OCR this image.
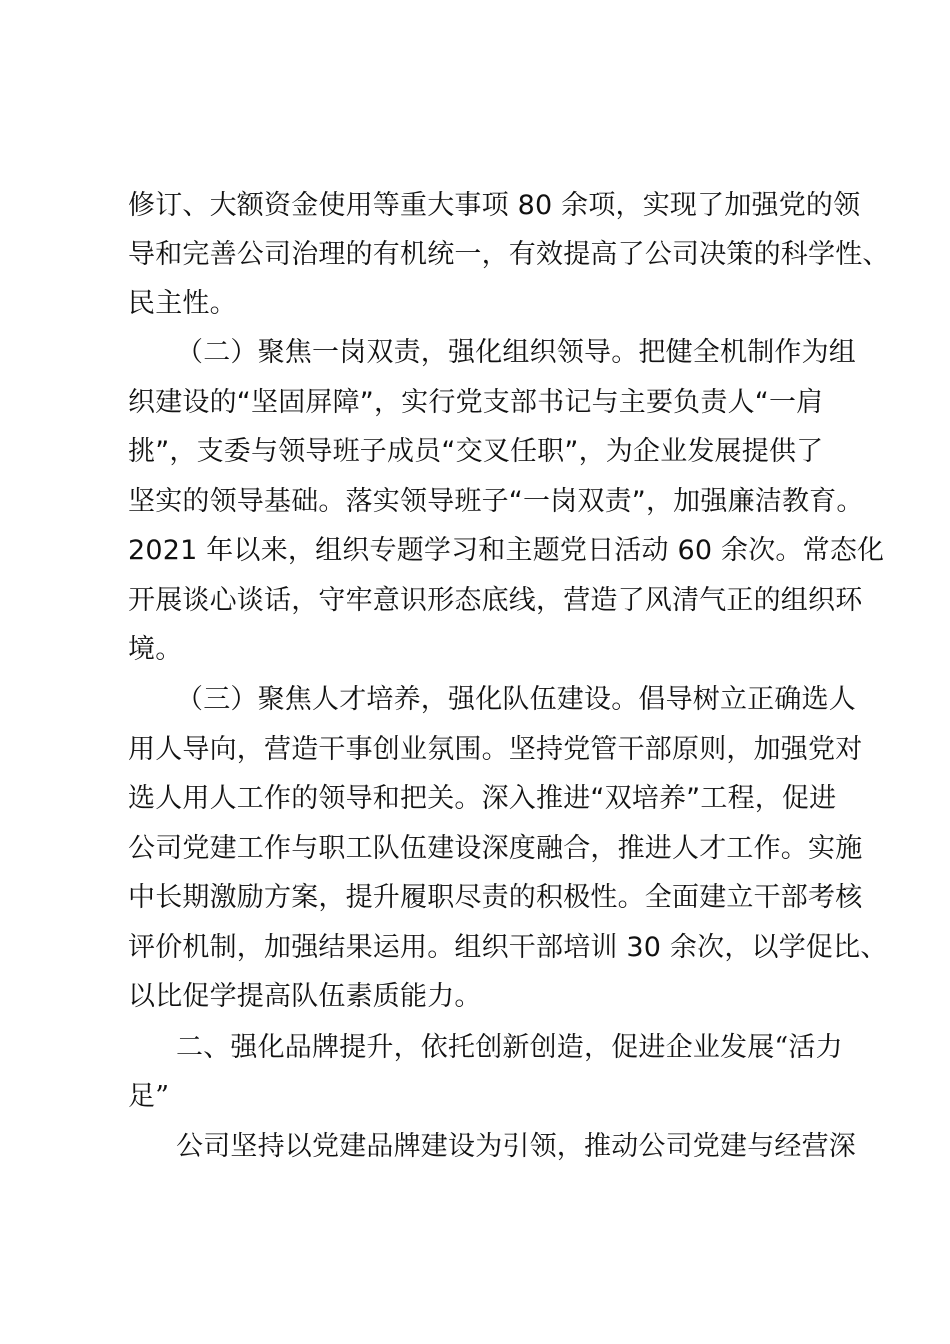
修订、大额资金使用等重大事项 80 余项，实现了加强党的领
导和完善公司治理的有机统一，有效提高了公司决策的科学性、
民主性。
（二）聚焦一岗双责，强化组织领导。把健全机制作为组
织建设的“坚固屏障”，实行党支部书记与主要负责人“一肩
挑”，支委与领导班子成员“交叉任职”，为企业发展提供了
坚实的领导基础。落实领导班子“一岗双责”，加强廉洁教育。
2021 年以来，组织专题学习和主题党日活动 60 余次。常态化
开展谈心谈话，守牢意识形态底线，营造了风清气正的组织环
境。
（三）聚焦人才培养，强化队伍建设。倡导树立正确选人
用人导向，营造干事创业氛围。坚持党管干部原则，加强党对
选人用人工作的领导和把关。深入推进“双培养”工程，促进
公司党建工作与职工队伍建设深度融合，推进人才工作。实施
中长期激励方案，提升履职尽责的积极性。全面建立干部考核
评价机制，加强结果运用。组织干部培训 30 余次，以学促比、
以比促学提高队伍素质能力。
二、强化品牌提升，依托创新创造，促进企业发展“活力
足”
公司坚持以党建品牌建设为引领，推动公司党建与经营深
